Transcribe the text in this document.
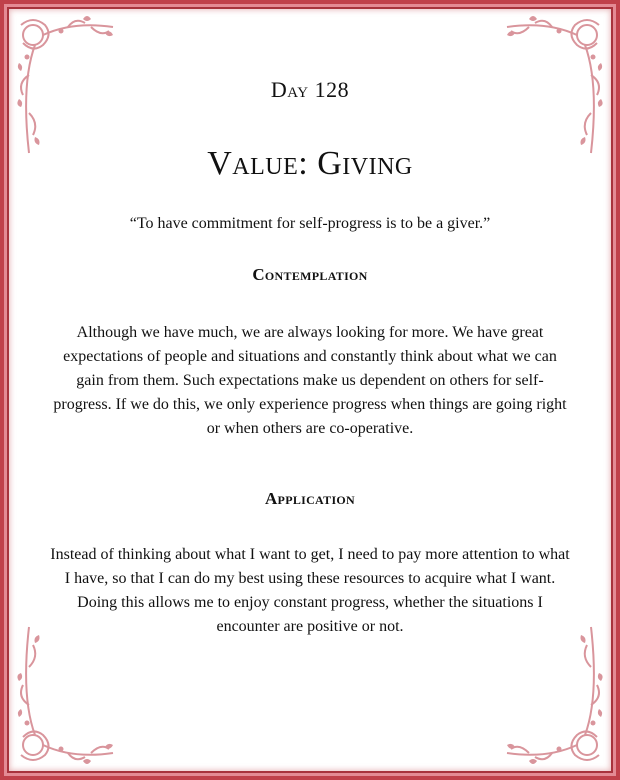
Day 128
Value: Giving
“To have commitment for self-progress is to be a giver.”
Contemplation
Although we have much, we are always looking for more. We have great expectations of people and situations and constantly think about what we can gain from them. Such expectations make us dependent on others for self-progress. If we do this, we only experience progress when things are going right or when others are co-operative.
Application
Instead of thinking about what I want to get, I need to pay more attention to what I have, so that I can do my best using these resources to acquire what I want. Doing this allows me to enjoy constant progress, whether the situations I encounter are positive or not.
